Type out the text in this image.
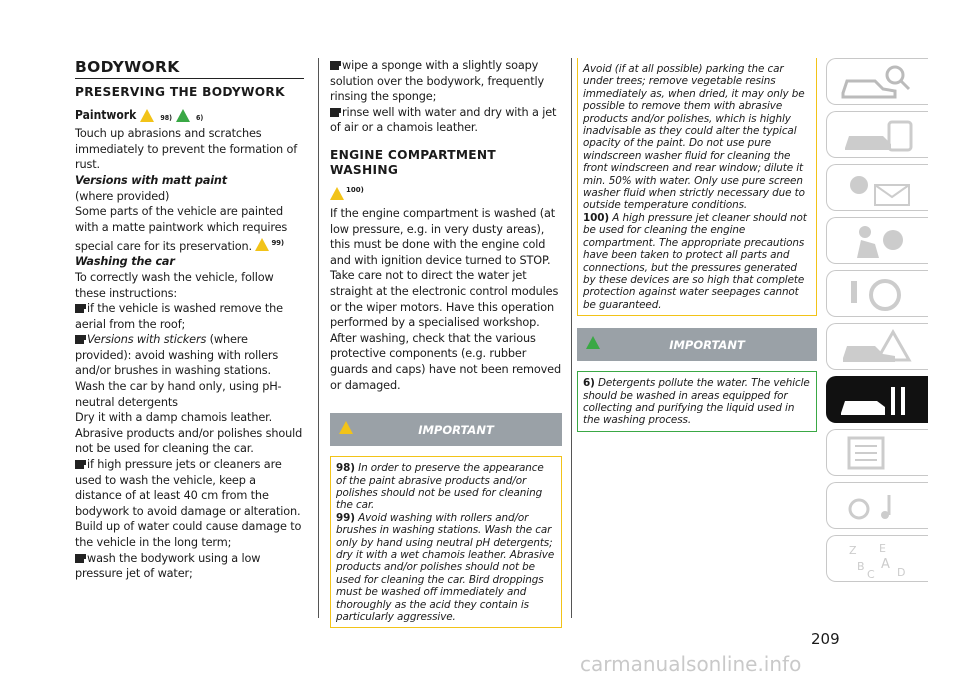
BODYWORK
PRESERVING THE BODYWORK
Paintwork	98)	6)

Touch up abrasions and scratches immediately to prevent the formation of rust.

Versions with matt paint

(where provided)

Some parts of the vehicle are painted with a matte paintwork which requires special care for its preservation.	$^{99)}$

Washing the car

To correctly wash the vehicle, follow these instructions:

if the vehicle is washed remove the aerial from the roof;

Versions with stickers (where provided): avoid washing with rollers and/or brushes in washing stations. Wash the car by hand only, using pH-neutral detergents

Dry it with a damp chamois leather. Abrasive products and/or polishes should not be used for cleaning the car.

if high pressure jets or cleaners are used to wash the vehicle, keep a distance of at least 40 cm from the bodywork to avoid damage or alteration. Build up of water could cause damage to the vehicle in the long term;

wash the bodywork using a low pressure jet of water;

wipe a sponge with a slightly soapy solution over the bodywork, frequently rinsing the sponge;

rinse well with water and dry with a jet of air or a chamois leather.

ENGINE COMPARTMENT WASHING
$^{100)}$

If the engine compartment is washed (at low pressure, e.g. in very dusty areas), this must be done with the engine cold and with ignition device turned to STOP. Take care not to direct the water jet straight at the electronic control modules or the wiper motors. Have this operation performed by a specialised workshop. After washing, check that the various protective components (e.g. rubber guards and caps) have not been removed or damaged.

IMPORTANT

98) In order to preserve the appearance of the paint abrasive products and/or polishes should not be used for cleaning the car.

99) Avoid washing with rollers and/or brushes in washing stations. Wash the car only by hand using neutral pH detergents; dry it with a wet chamois leather. Abrasive products and/or polishes should not be used for cleaning the car. Bird droppings must be washed off immediately and thoroughly as the acid they contain is particularly aggressive.

Avoid (if at all possible) parking the car under trees; remove vegetable resins immediately as, when dried, it may only be possible to remove them with abrasive products and/or polishes, which is highly inadvisable as they could alter the typical opacity of the paint. Do not use pure windscreen washer fluid for cleaning the front windscreen and rear window; dilute it min. 50% with water. Only use pure screen washer fluid when strictly necessary due to outside temperature conditions.

100) A high pressure jet cleaner should not be used for cleaning the engine compartment. The appropriate precautions have been taken to protect all parts and connections, but the pressures generated by these devices are so high that complete protection against water seepages cannot be guaranteed.

IMPORTANT

6) Detergents pollute the water. The vehicle should be washed in areas equipped for collecting and purifying the liquid used in the washing process.

Z E
B A
C D
209
carmanualsonline.info
